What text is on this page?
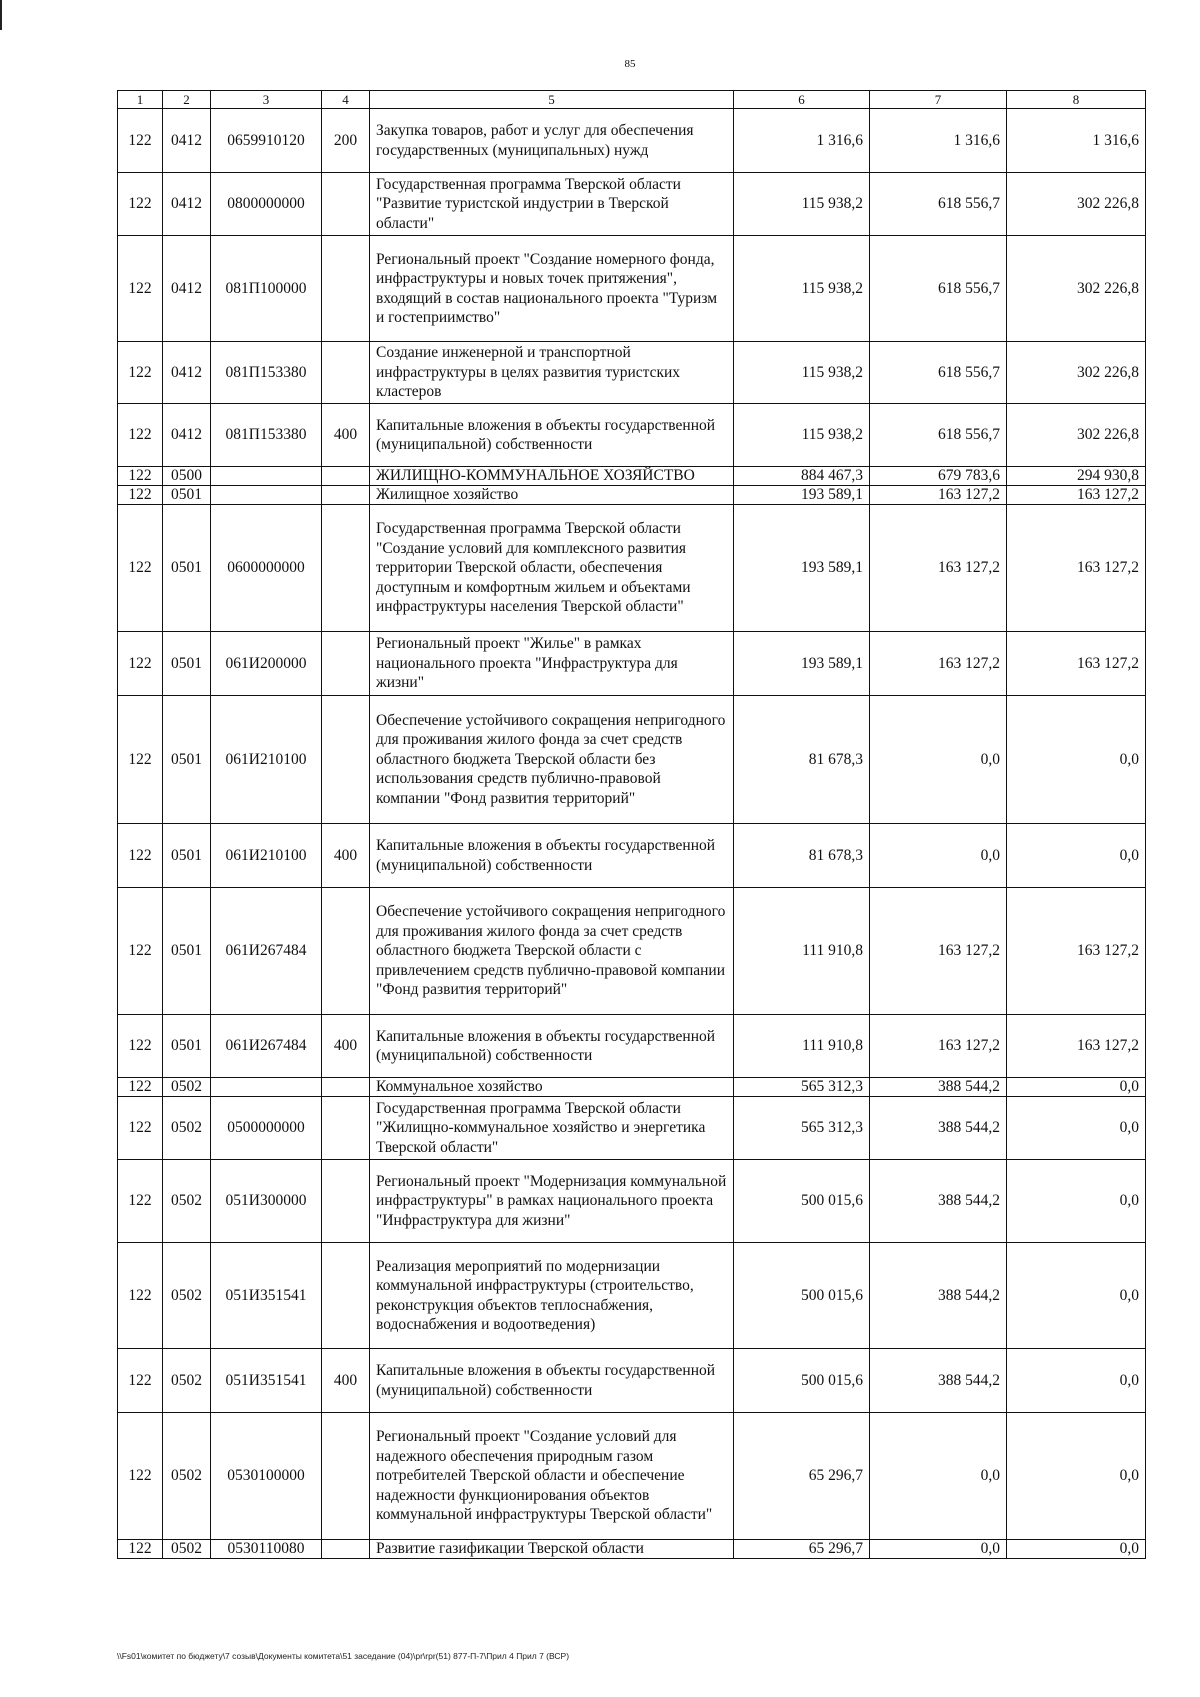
85
1	2	3	4	5	6	7	8
122	0412	0659910120	200	Закупка товаров, работ и услуг для обеспечения государственных (муниципальных) нужд	1 316,6	1 316,6	1 316,6
122	0412	0800000000		Государственная программа Тверской области "Развитие туристской индустрии в Тверской области"	115 938,2	618 556,7	302 226,8
122	0412	081П100000		Региональный проект "Создание номерного фонда, инфраструктуры и новых точек притяжения", входящий в состав национального проекта "Туризм и гостеприимство"	115 938,2	618 556,7	302 226,8
122	0412	081П153380		Создание инженерной и транспортной инфраструктуры в целях развития туристских кластеров	115 938,2	618 556,7	302 226,8
122	0412	081П153380	400	Капитальные вложения в объекты государственной (муниципальной) собственности	115 938,2	618 556,7	302 226,8
122	0500			ЖИЛИЩНО-КОММУНАЛЬНОЕ ХОЗЯЙСТВО	884 467,3	679 783,6	294 930,8
122	0501			Жилищное хозяйство	193 589,1	163 127,2	163 127,2
122	0501	0600000000		Государственная программа Тверской области "Создание условий для комплексного развития территории Тверской области, обеспечения доступным и комфортным жильем и объектами инфраструктуры населения Тверской области"	193 589,1	163 127,2	163 127,2
122	0501	061И200000		Региональный проект "Жилье" в рамках национального проекта "Инфраструктура для жизни"	193 589,1	163 127,2	163 127,2
122	0501	061И210100		Обеспечение устойчивого сокращения непригодного для проживания жилого фонда за счет средств областного бюджета Тверской области без использования средств публично-правовой компании "Фонд развития территорий"	81 678,3	0,0	0,0
122	0501	061И210100	400	Капитальные вложения в объекты государственной (муниципальной) собственности	81 678,3	0,0	0,0
122	0501	061И267484		Обеспечение устойчивого сокращения непригодного для проживания жилого фонда за счет средств областного бюджета Тверской области с привлечением средств публично-правовой компании "Фонд развития территорий"	111 910,8	163 127,2	163 127,2
122	0501	061И267484	400	Капитальные вложения в объекты государственной (муниципальной) собственности	111 910,8	163 127,2	163 127,2
122	0502			Коммунальное хозяйство	565 312,3	388 544,2	0,0
122	0502	0500000000		Государственная программа Тверской области "Жилищно-коммунальное хозяйство и энергетика Тверской области"	565 312,3	388 544,2	0,0
122	0502	051И300000		Региональный проект "Модернизация коммунальной инфраструктуры" в рамках национального проекта "Инфраструктура для жизни"	500 015,6	388 544,2	0,0
122	0502	051И351541		Реализация мероприятий по модернизации коммунальной инфраструктуры (строительство, реконструкция объектов теплоснабжения, водоснабжения и водоотведения)	500 015,6	388 544,2	0,0
122	0502	051И351541	400	Капитальные вложения в объекты государственной (муниципальной) собственности	500 015,6	388 544,2	0,0
122	0502	0530100000		Региональный проект "Создание условий для надежного обеспечения природным газом потребителей Тверской области и обеспечение надежности функционирования объектов коммунальной инфраструктуры Тверской области"	65 296,7	0,0	0,0
122	0502	0530110080		Развитие газификации Тверской области	65 296,7	0,0	0,0
\\Fs01\комитет по бюджету\7 созыв\Документы комитета\51 заседание (04)\pr\rpr(51) 877-П-7\Прил 4 Прил 7 (ВСР)
